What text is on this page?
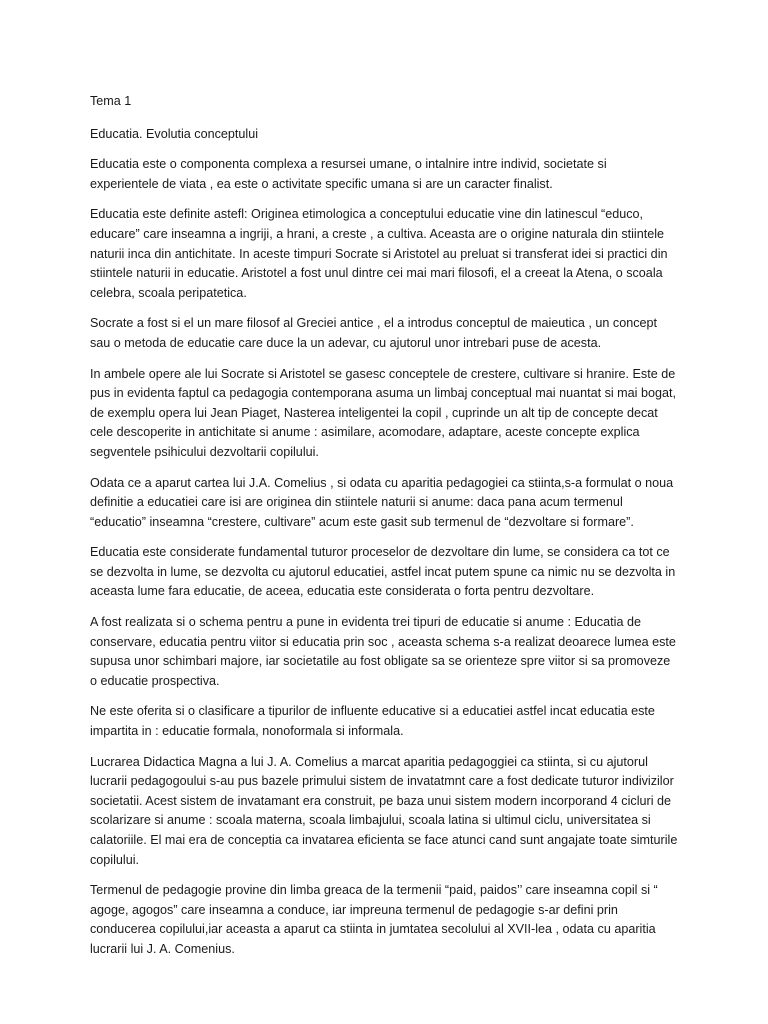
Tema 1

Educatia. Evolutia conceptului

Educatia este o componenta complexa a resursei umane, o intalnire intre individ, societate si experientele de viata , ea este o activitate specific umana si are un caracter finalist.

Educatia este definite astefl: Originea etimologica a conceptului educatie vine din latinescul “educo, educare” care inseamna a ingriji, a hrani, a creste , a cultiva. Aceasta are o origine naturala din stiintele naturii inca din antichitate. In aceste timpuri Socrate si Aristotel au preluat si transferat idei si practici din stiintele naturii in educatie. Aristotel a fost unul dintre cei mai mari filosofi, el a creeat la Atena, o scoala celebra, scoala peripatetica.

Socrate a fost si el un mare filosof al Greciei antice , el a introdus conceptul de maieutica , un concept sau o metoda de educatie care duce la un adevar, cu ajutorul unor intrebari puse de acesta.

In ambele opere ale lui Socrate si Aristotel se gasesc conceptele de crestere, cultivare si hranire. Este de pus in evidenta faptul ca pedagogia contemporana asuma un limbaj conceptual mai nuantat si mai bogat, de exemplu opera lui Jean Piaget, Nasterea inteligentei la copil , cuprinde un alt tip de concepte decat cele descoperite in antichitate si anume : asimilare, acomodare, adaptare, aceste concepte explica segventele psihicului dezvoltarii copilului.

Odata ce a aparut cartea lui J.A. Comelius , si odata cu aparitia pedagogiei ca stiinta,s-a formulat o noua definitie a educatiei care isi are originea din stiintele naturii si anume: daca pana acum termenul “educatio” inseamna “crestere, cultivare” acum este gasit sub termenul de “dezvoltare si formare”.

Educatia este considerate fundamental tuturor proceselor de dezvoltare din lume, se considera ca tot ce se dezvolta in lume, se dezvolta cu ajutorul educatiei, astfel incat putem spune ca nimic nu se dezvolta in aceasta lume fara educatie, de aceea, educatia este considerata o forta pentru dezvoltare.

A fost realizata si o schema pentru a pune in evidenta trei tipuri de educatie si anume : Educatia de conservare, educatia pentru viitor si educatia prin soc , aceasta schema s-a realizat deoarece lumea este supusa unor schimbari majore, iar societatile au fost obligate sa se orienteze spre viitor si sa promoveze o educatie prospectiva.

Ne este oferita si o clasificare a tipurilor de influente educative si a educatiei astfel incat educatia este impartita in : educatie formala, nonoformala si informala.

Lucrarea Didactica Magna a lui J. A. Comelius a marcat aparitia pedagoggiei ca stiinta, si cu ajutorul lucrarii pedagogoului s-au pus bazele primului sistem de invatatmnt care a fost dedicate tuturor indivizilor societatii. Acest sistem de invatamant era construit, pe baza unui sistem modern incorporand 4 cicluri de scolarizare si anume : scoala materna, scoala limbajului, scoala latina si ultimul ciclu, universitatea si calatoriile. El mai era de conceptia ca invatarea eficienta se face atunci cand sunt angajate toate simturile copilului.

Termenul de pedagogie provine din limba greaca de la termenii “paid, paidos’’ care inseamna copil si “ agoge, agogos” care inseamna a conduce, iar impreuna termenul de pedagogie s-ar defini prin conducerea copilului,iar aceasta a aparut ca stiinta in jumtatea secolului al XVII-lea , odata cu aparitia lucrarii lui J. A. Comenius.
